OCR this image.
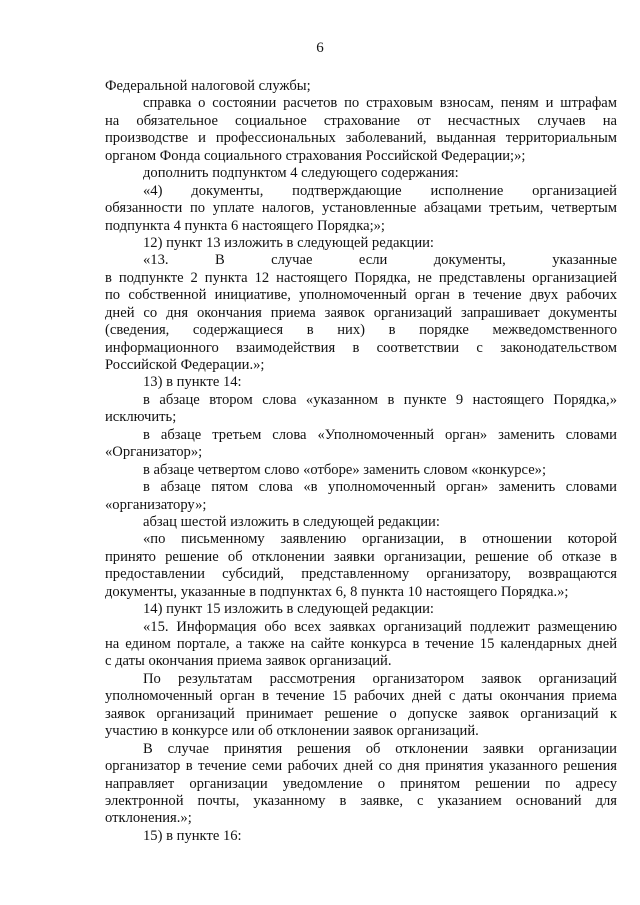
6
Федеральной налоговой службы;
справка о состоянии расчетов по страховым взносам, пеням и штрафам
на обязательное социальное страхование от несчастных случаев на
производстве и профессиональных заболеваний, выданная территориальным
органом Фонда социального страхования Российской Федерации;»;
дополнить подпунктом 4 следующего содержания:
«4) документы, подтверждающие исполнение организацией
обязанности по уплате налогов, установленные абзацами третьим, четвертым
подпункта 4 пункта 6 настоящего Порядка;»;
12) пункт 13 изложить в следующей редакции:
«13. В случае если документы, указанные
в подпункте 2 пункта 12 настоящего Порядка, не представлены организацией
по собственной инициативе, уполномоченный орган в течение двух рабочих
дней со дня окончания приема заявок организаций запрашивает документы
(сведения, содержащиеся в них) в порядке межведомственного
информационного взаимодействия в соответствии с законодательством
Российской Федерации.»;
13) в пункте 14:
в абзаце втором слова «указанном в пункте 9 настоящего Порядка,»
исключить;
в абзаце третьем слова «Уполномоченный орган» заменить словами
«Организатор»;
в абзаце четвертом слово «отборе» заменить словом «конкурсе»;
в абзаце пятом слова «в уполномоченный орган» заменить словами
«организатору»;
абзац шестой изложить в следующей редакции:
«по письменному заявлению организации, в отношении которой
принято решение об отклонении заявки организации, решение об отказе в
предоставлении субсидий, представленному организатору, возвращаются
документы, указанные в подпунктах 6, 8 пункта 10 настоящего Порядка.»;
14) пункт 15 изложить в следующей редакции:
«15. Информация обо всех заявках организаций подлежит размещению
на едином портале, а также на сайте конкурса в течение 15 календарных дней
с даты окончания приема заявок организаций.
По результатам рассмотрения организатором заявок организаций
уполномоченный орган в течение 15 рабочих дней с даты окончания приема
заявок организаций принимает решение о допуске заявок организаций к
участию в конкурсе или об отклонении заявок организаций.
В случае принятия решения об отклонении заявки организации
организатор в течение семи рабочих дней со дня принятия указанного решения
направляет организации уведомление о принятом решении по адресу
электронной почты, указанному в заявке, с указанием оснований для
отклонения.»;
15) в пункте 16:
